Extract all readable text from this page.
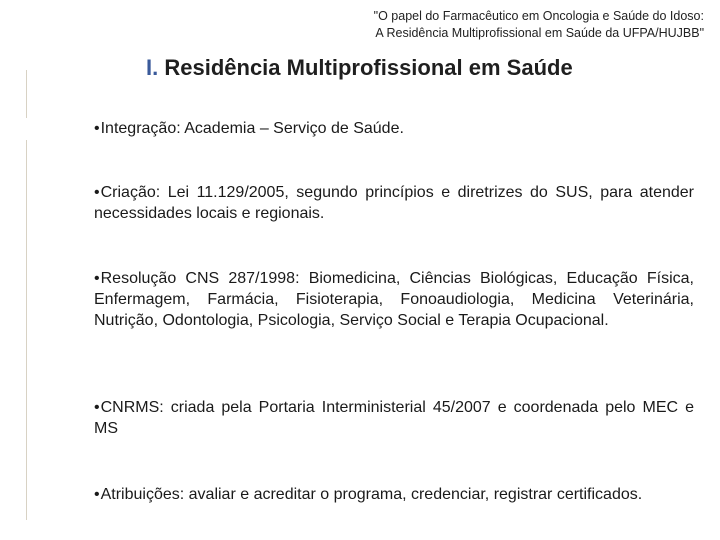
"O papel do Farmacêutico em Oncologia e Saúde do Idoso:
A Residência Multiprofissional em Saúde da UFPA/HUJBB"
I. Residência Multiprofissional em Saúde
•Integração: Academia – Serviço de Saúde.
•Criação: Lei 11.129/2005, segundo princípios e diretrizes do SUS, para atender necessidades locais e regionais.
•Resolução CNS 287/1998: Biomedicina, Ciências Biológicas, Educação Física, Enfermagem, Farmácia, Fisioterapia, Fonoaudiologia, Medicina Veterinária, Nutrição, Odontologia, Psicologia, Serviço Social e Terapia Ocupacional.
•CNRMS: criada pela Portaria Interministerial 45/2007 e coordenada pelo MEC e MS
•Atribuições: avaliar e acreditar o programa, credenciar, registrar certificados.
